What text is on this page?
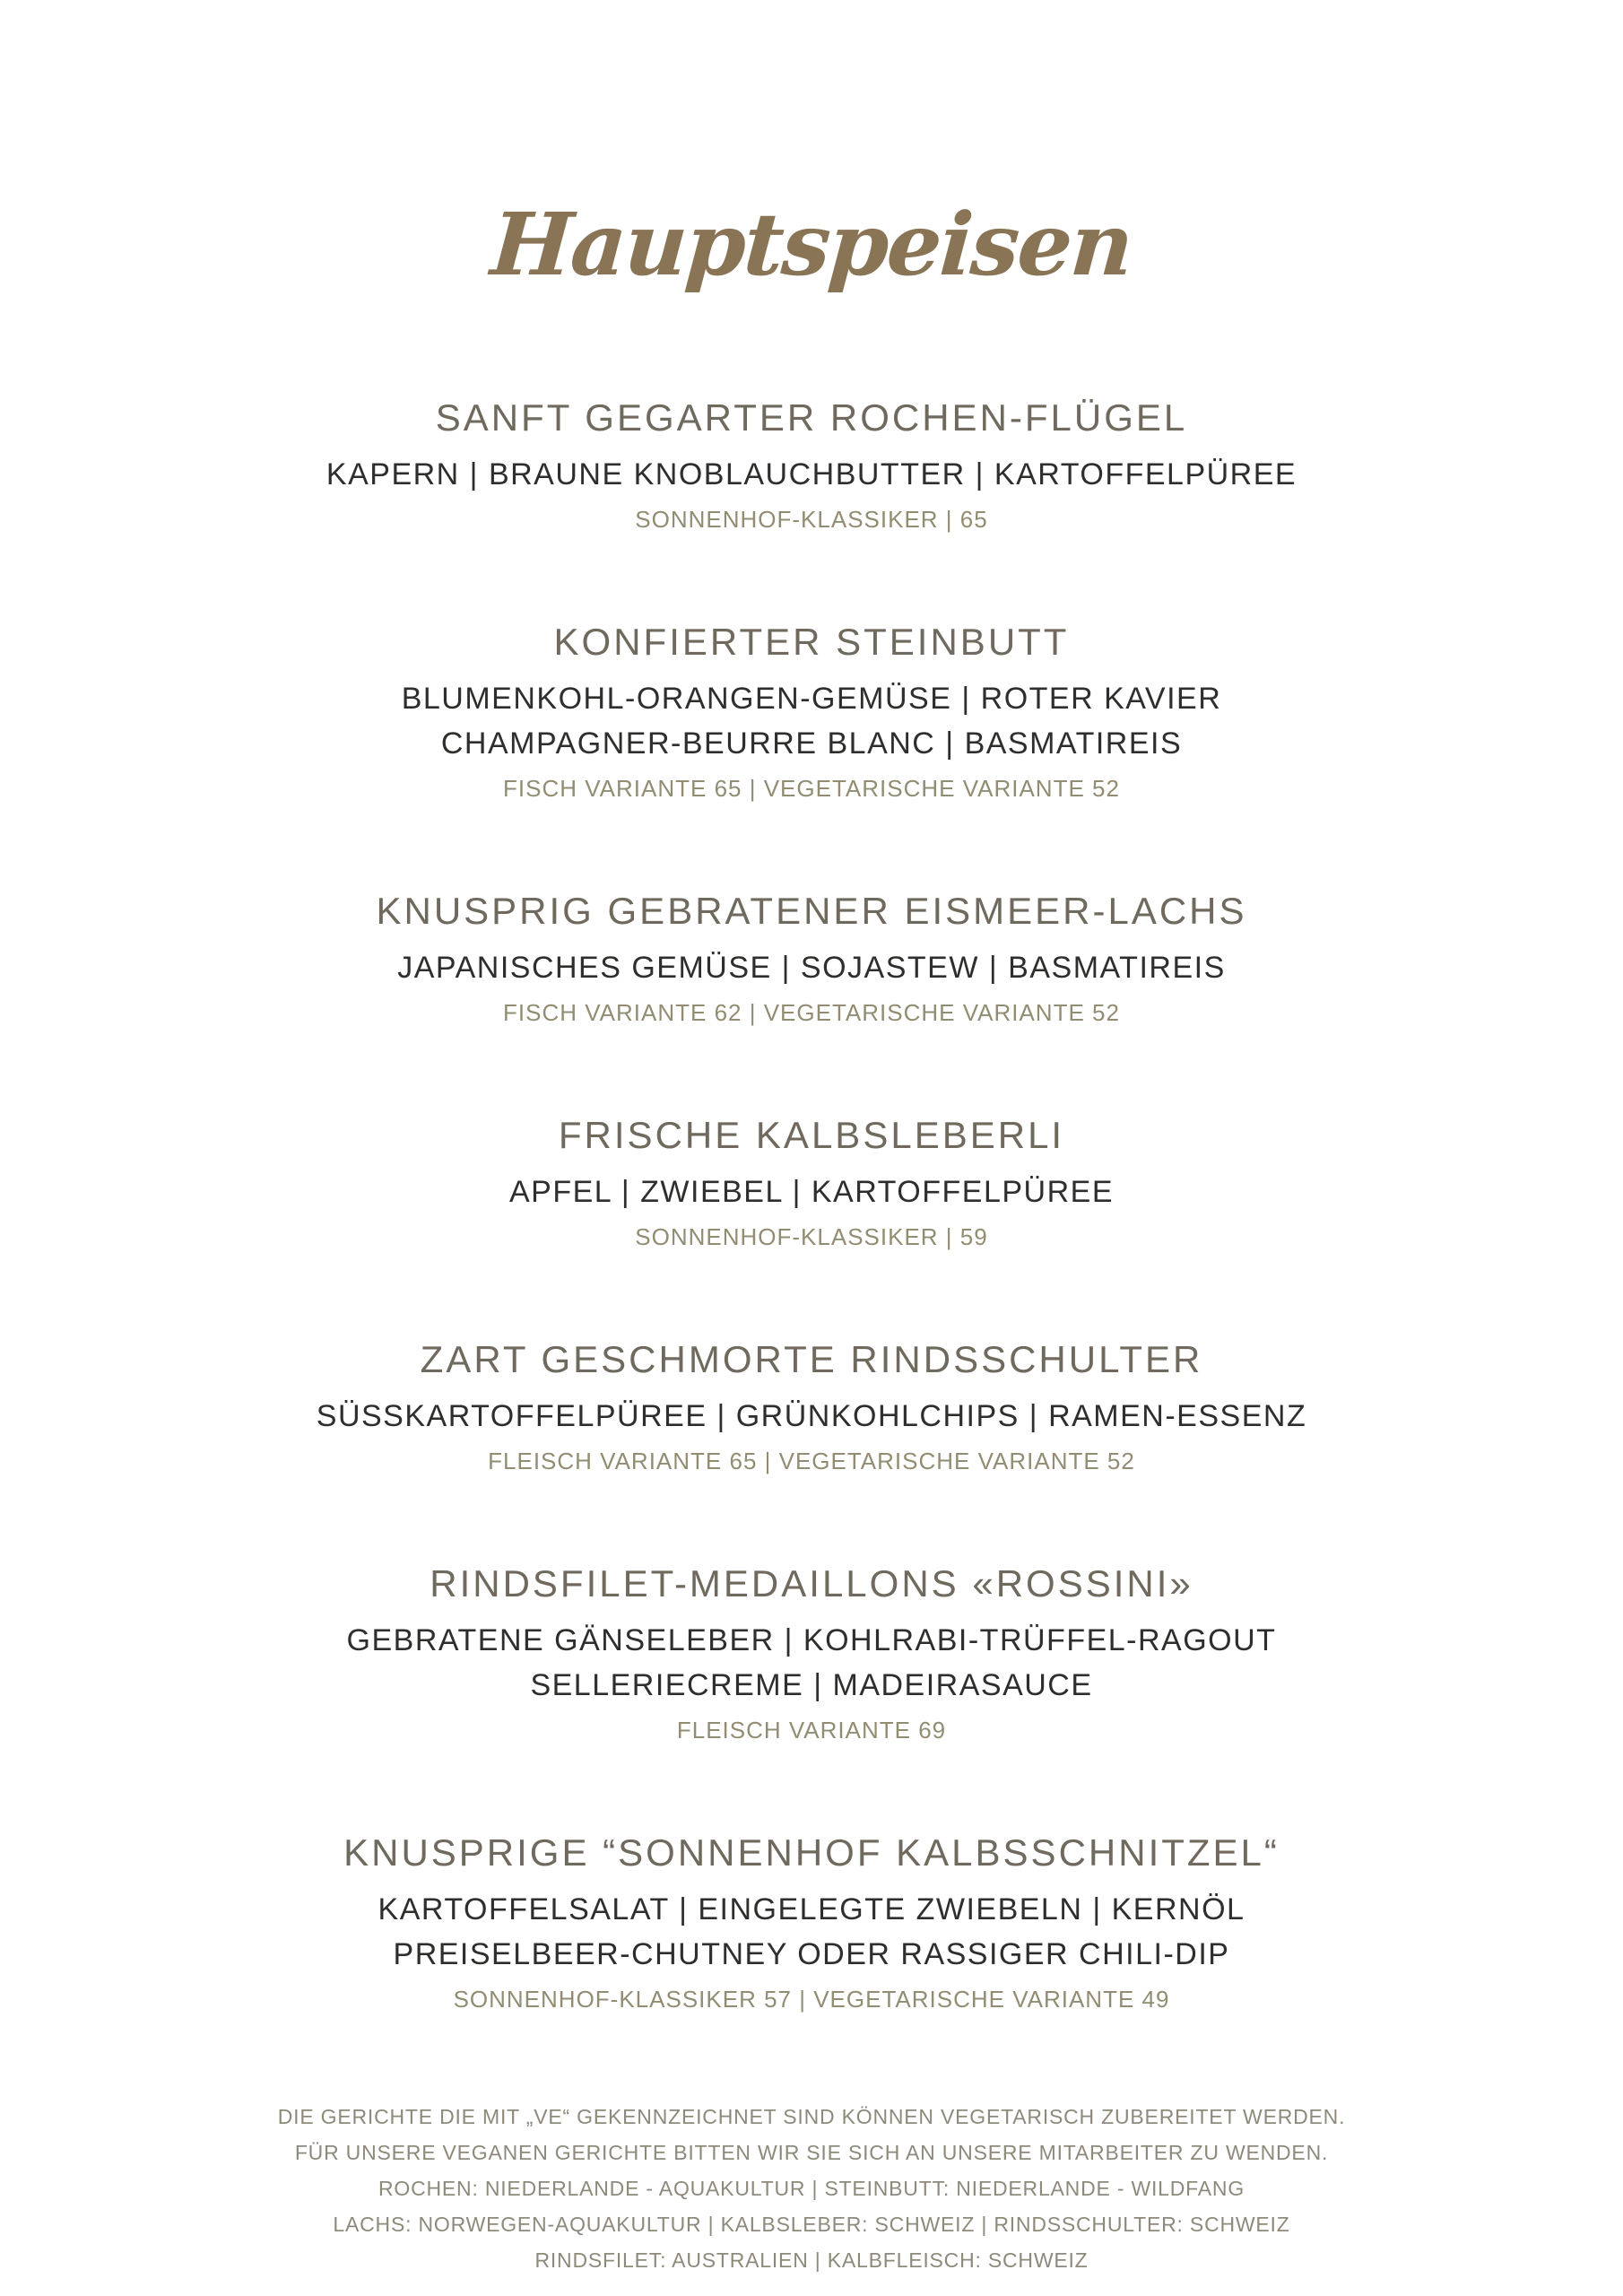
Hauptspeisen
SANFT GEGARTER ROCHEN-FLÜGEL

KAPERN | BRAUNE KNOBLAUCHBUTTER | KARTOFFELPÜREE

SONNENHOF-KLASSIKER | 65

KONFIERTER STEINBUTT

BLUMENKOHL-ORANGEN-GEMÜSE | ROTER KAVIER

CHAMPAGNER-BEURRE BLANC | BASMATIREIS

FISCH VARIANTE 65 | VEGETARISCHE VARIANTE 52

KNUSPRIG GEBRATENER EISMEER-LACHS

JAPANISCHES GEMÜSE | SOJASTEW | BASMATIREIS

FISCH VARIANTE 62 | VEGETARISCHE VARIANTE 52

FRISCHE KALBSLEBERLI

APFEL | ZWIEBEL | KARTOFFELPÜREE

SONNENHOF-KLASSIKER | 59

ZART GESCHMORTE RINDSSCHULTER

SÜSSKARTOFFELPÜREE | GRÜNKOHLCHIPS | RAMEN-ESSENZ

FLEISCH VARIANTE 65 | VEGETARISCHE VARIANTE 52

RINDSFILET-MEDAILLONS «ROSSINI»

GEBRATENE GÄNSELEBER | KOHLRABI-TRÜFFEL-RAGOUT

SELLERIECREME | MADEIRASAUCE

FLEISCH VARIANTE 69

KNUSPRIGE “SONNENHOF KALBSSCHNITZEL“

KARTOFFELSALAT | EINGELEGTE ZWIEBELN | KERNÖL

PREISELBEER-CHUTNEY ODER RASSIGER CHILI-DIP

SONNENHOF-KLASSIKER 57 | VEGETARISCHE VARIANTE 49

DIE GERICHTE DIE MIT „VE“ GEKENNZEICHNET SIND KÖNNEN VEGETARISCH ZUBEREITET WERDEN.

FÜR UNSERE VEGANEN GERICHTE BITTEN WIR SIE SICH AN UNSERE MITARBEITER ZU WENDEN.

ROCHEN: NIEDERLANDE - AQUAKULTUR | STEINBUTT: NIEDERLANDE - WILDFANG

LACHS: NORWEGEN-AQUAKULTUR | KALBSLEBER: SCHWEIZ | RINDSSCHULTER: SCHWEIZ

RINDSFILET: AUSTRALIEN | KALBFLEISCH: SCHWEIZ
